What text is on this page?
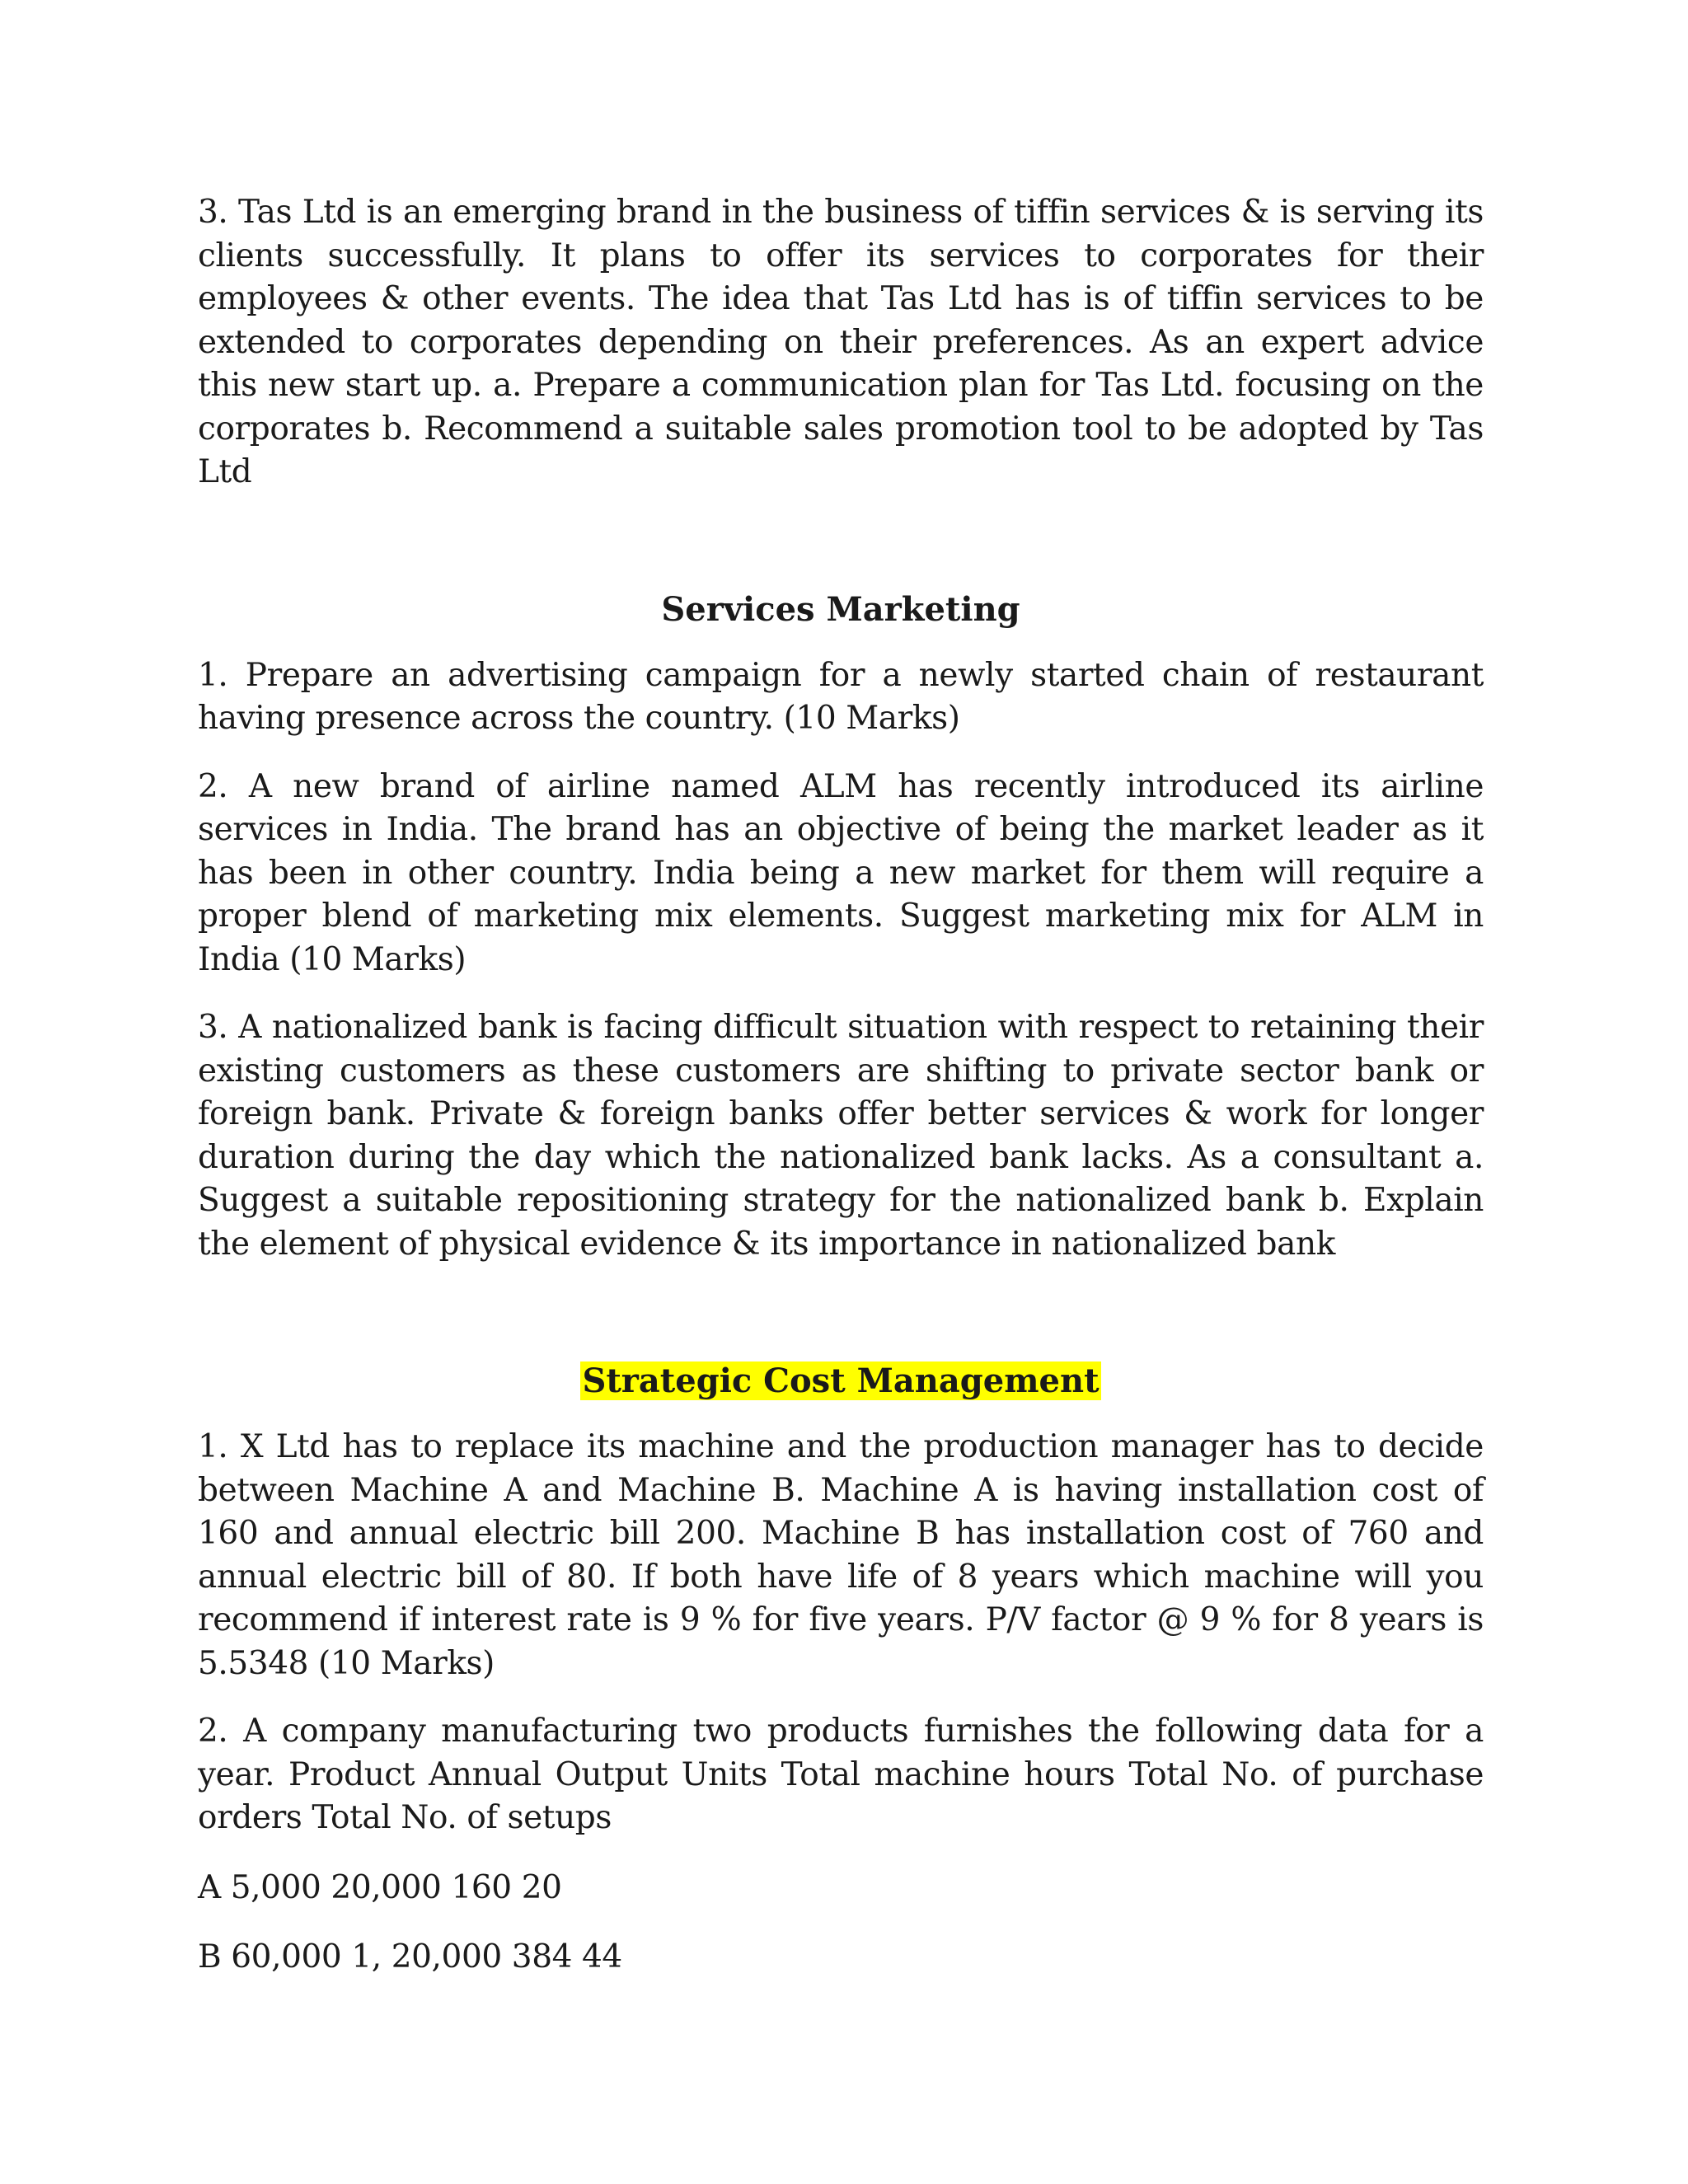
3. Tas Ltd is an emerging brand in the business of tiffin services & is serving its clients successfully. It plans to offer its services to corporates for their employees & other events. The idea that Tas Ltd has is of tiffin services to be extended to corporates depending on their preferences. As an expert advice this new start up. a. Prepare a communication plan for Tas Ltd. focusing on the corporates b. Recommend a suitable sales promotion tool to be adopted by Tas Ltd

Services Marketing

1. Prepare an advertising campaign for a newly started chain of restaurant having presence across the country. (10 Marks)

2. A new brand of airline named ALM has recently introduced its airline services in India. The brand has an objective of being the market leader as it has been in other country. India being a new market for them will require a proper blend of marketing mix elements. Suggest marketing mix for ALM in India (10 Marks)

3. A nationalized bank is facing difficult situation with respect to retaining their existing customers as these customers are shifting to private sector bank or foreign bank. Private & foreign banks offer better services & work for longer duration during the day which the nationalized bank lacks. As a consultant a. Suggest a suitable repositioning strategy for the nationalized bank b. Explain the element of physical evidence & its importance in nationalized bank

Strategic Cost Management

1. X Ltd has to replace its machine and the production manager has to decide between Machine A and Machine B. Machine A is having installation cost of 160 and annual electric bill 200. Machine B has installation cost of 760 and annual electric bill of 80. If both have life of 8 years which machine will you recommend if interest rate is 9 % for five years. P/V factor @ 9 % for 8 years is 5.5348 (10 Marks)

2. A company manufacturing two products furnishes the following data for a year. Product Annual Output Units Total machine hours Total No. of purchase orders Total No. of setups

A 5,000 20,000 160 20

B 60,000 1, 20,000 384 44
